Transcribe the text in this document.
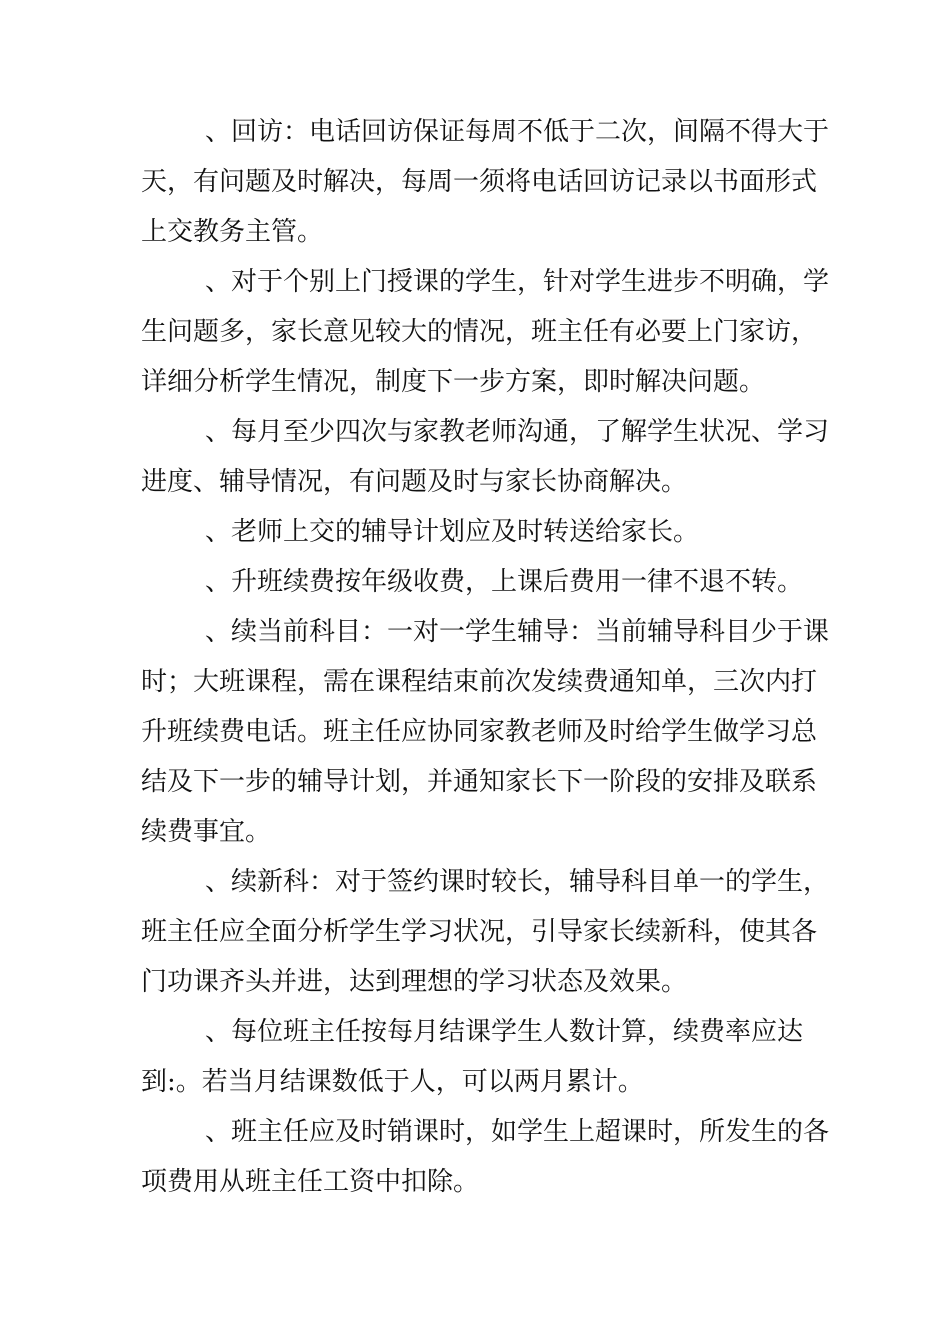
、回访：电话回访保证每周不低于二次，间隔不得大于
天，有问题及时解决，每周一须将电话回访记录以书面形式
上交教务主管。
、对于个别上门授课的学生，针对学生进步不明确，学
生问题多，家长意见较大的情况，班主任有必要上门家访，
详细分析学生情况，制度下一步方案，即时解决问题。
、每月至少四次与家教老师沟通，了解学生状况、学习
进度、辅导情况，有问题及时与家长协商解决。
、老师上交的辅导计划应及时转送给家长。
、升班续费按年级收费，上课后费用一律不退不转。
、续当前科目：一对一学生辅导：当前辅导科目少于课
时；大班课程，需在课程结束前次发续费通知单，三次内打
升班续费电话。班主任应协同家教老师及时给学生做学习总
结及下一步的辅导计划，并通知家长下一阶段的安排及联系
续费事宜。
、续新科：对于签约课时较长，辅导科目单一的学生，
班主任应全面分析学生学习状况，引导家长续新科，使其各
门功课齐头并进，达到理想的学习状态及效果。
、每位班主任按每月结课学生人数计算，续费率应达
到:。若当月结课数低于人，可以两月累计。
、班主任应及时销课时，如学生上超课时，所发生的各
项费用从班主任工资中扣除。
